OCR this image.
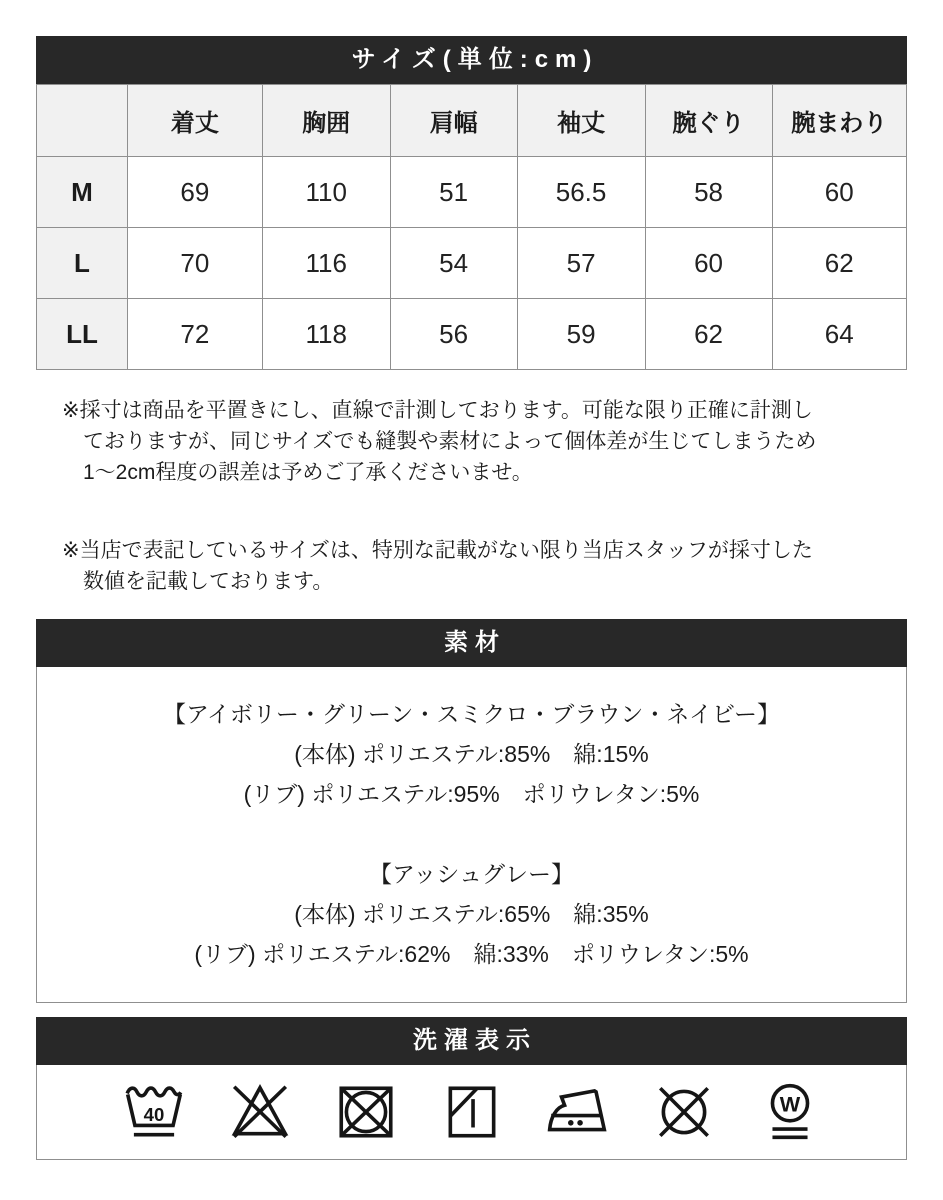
サイズ(単位:cm)
	着丈	胸囲	肩幅	袖丈	腕ぐり	腕まわり
M	69	110	51	56.5	58	60
L	70	116	54	57	60	62
LL	72	118	56	59	62	64
※採寸は商品を平置きにし、直線で計測しております。可能な限り正確に計測し
ておりますが、同じサイズでも縫製や素材によって個体差が生じてしまうため
1〜2cm程度の誤差は予めご了承くださいませ。
※当店で表記しているサイズは、特別な記載がない限り当店スタッフが採寸した
数値を記載しております。
素材
【アイボリー・グリーン・スミクロ・ブラウン・ネイビー】
(本体) ポリエステル:85%　綿:15%
(リブ) ポリエステル:95%　ポリウレタン:5%
【アッシュグレー】
(本体) ポリエステル:65%　綿:35%
(リブ) ポリエステル:62%　綿:33%　ポリウレタン:5%
洗濯表示
40	W
